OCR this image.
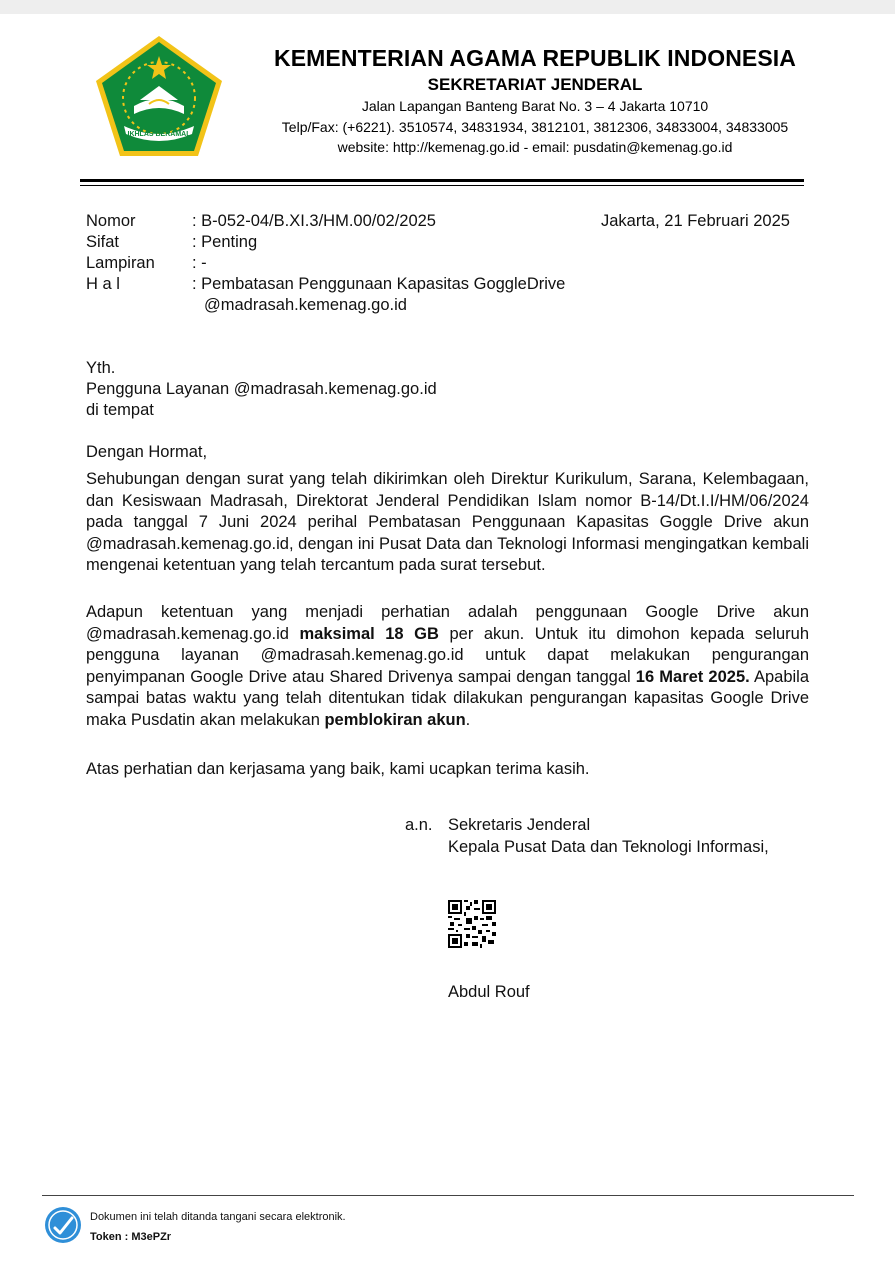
IKHLAS BERAMAL
KEMENTERIAN AGAMA REPUBLIK INDONESIA
SEKRETARIAT JENDERAL
Jalan Lapangan Banteng Barat No. 3 – 4 Jakarta 10710
Telp/Fax: (+6221). 3510574, 34831934, 3812101, 3812306, 34833004, 34833005
website: http://kemenag.go.id - email: pusdatin@kemenag.go.id
Nomor	: B-052-04/B.XI.3/HM.00/02/2025	Jakarta, 21 Februari 2025
Sifat	: Penting
Lampiran : -
H a l	: Pembatasan Penggunaan Kapasitas GoggleDrive
@madrasah.kemenag.go.id
Yth.
Pengguna Layanan @madrasah.kemenag.go.id
di tempat
Dengan Hormat,
Sehubungan dengan surat yang telah dikirimkan oleh Direktur Kurikulum, Sarana, Kelembagaan, dan Kesiswaan Madrasah, Direktorat Jenderal Pendidikan Islam nomor B-14/Dt.I.I/HM/06/2024 pada tanggal 7 Juni 2024 perihal Pembatasan Penggunaan Kapasitas Goggle Drive akun @madrasah.kemenag.go.id, dengan ini Pusat Data dan Teknologi Informasi mengingatkan kembali mengenai ketentuan yang telah tercantum pada surat tersebut.
Adapun ketentuan yang menjadi perhatian adalah penggunaan Google Drive akun @madrasah.kemenag.go.id maksimal 18 GB per akun. Untuk itu dimohon kepada seluruh pengguna layanan @madrasah.kemenag.go.id untuk dapat melakukan pengurangan penyimpanan Google Drive atau Shared Drivenya sampai dengan tanggal 16 Maret 2025. Apabila sampai batas waktu yang telah ditentukan tidak dilakukan pengurangan kapasitas Google Drive maka Pusdatin akan melakukan pemblokiran akun.
Atas perhatian dan kerjasama yang baik, kami ucapkan terima kasih.
a.n. Sekretaris Jenderal
Kepala Pusat Data dan Teknologi Informasi,
Abdul Rouf
Dokumen ini telah ditanda tangani secara elektronik.
Token : M3ePZr
